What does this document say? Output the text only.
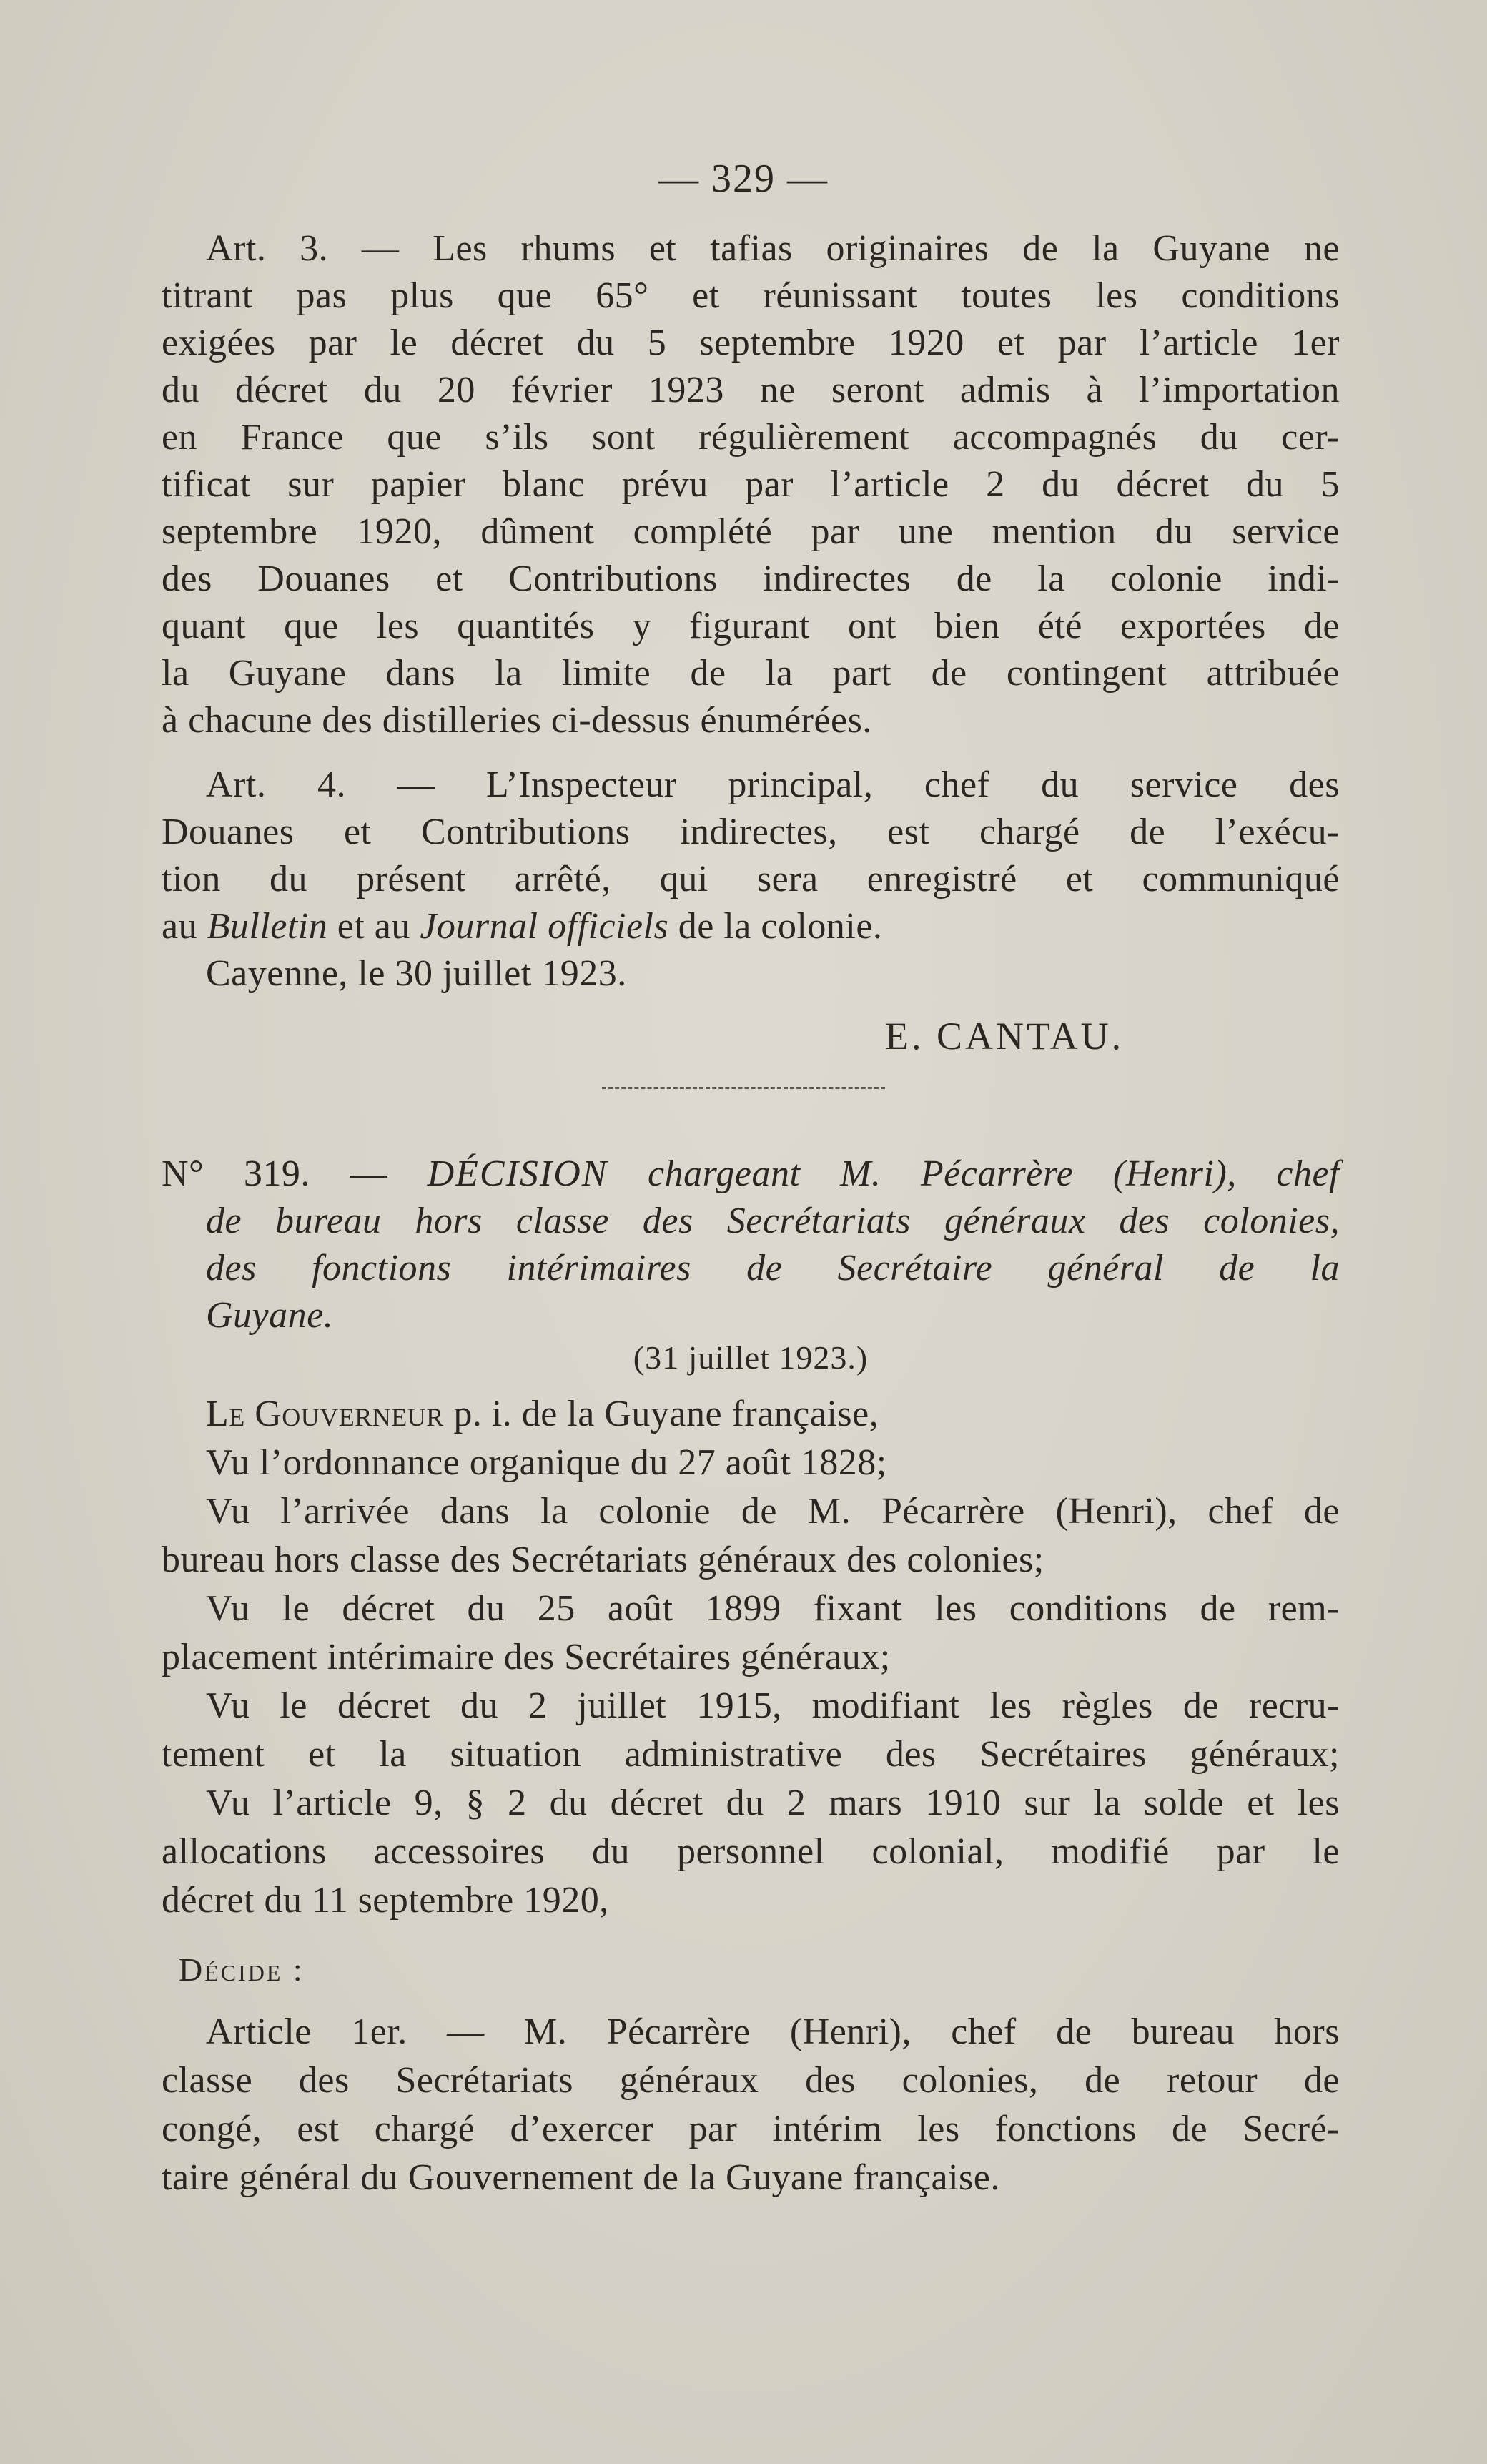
— 329 —
Art. 3. — Les rhums et tafias originaires de la Guyane ne
titrant pas plus que 65° et réunissant toutes les conditions
exigées par le décret du 5 septembre 1920 et par l’article 1er
du décret du 20 février 1923 ne seront admis à l’importation
en France que s’ils sont régulièrement accompagnés du cer-
tificat sur papier blanc prévu par l’article 2 du décret du 5
septembre 1920, dûment complété par une mention du service
des Douanes et Contributions indirectes de la colonie indi-
quant que les quantités y figurant ont bien été exportées de
la Guyane dans la limite de la part de contingent attribuée
à chacune des distilleries ci-dessus énumérées.
Art. 4. — L’Inspecteur principal, chef du service des
Douanes et Contributions indirectes, est chargé de l’exécu-
tion du présent arrêté, qui sera enregistré et communiqué
au Bulletin et au Journal officiels de la colonie.
Cayenne, le 30 juillet 1923.
E. CANTAU.
N° 319. — DÉCISION chargeant M. Pécarrère (Henri), chef
de bureau hors classe des Secrétariats généraux des colonies,
des fonctions intérimaires de Secrétaire général de la
Guyane.
(31 juillet 1923.)
Le Gouverneur p. i. de la Guyane française,
Vu l’ordonnance organique du 27 août 1828;
Vu l’arrivée dans la colonie de M. Pécarrère (Henri), chef de
bureau hors classe des Secrétariats généraux des colonies;
Vu le décret du 25 août 1899 fixant les conditions de rem-
placement intérimaire des Secrétaires généraux;
Vu le décret du 2 juillet 1915, modifiant les règles de recru-
tement et la situation administrative des Secrétaires généraux;
Vu l’article 9, § 2 du décret du 2 mars 1910 sur la solde et les
allocations accessoires du personnel colonial, modifié par le
décret du 11 septembre 1920,
Décide :
Article 1er. — M. Pécarrère (Henri), chef de bureau hors
classe des Secrétariats généraux des colonies, de retour de
congé, est chargé d’exercer par intérim les fonctions de Secré-
taire général du Gouvernement de la Guyane française.
